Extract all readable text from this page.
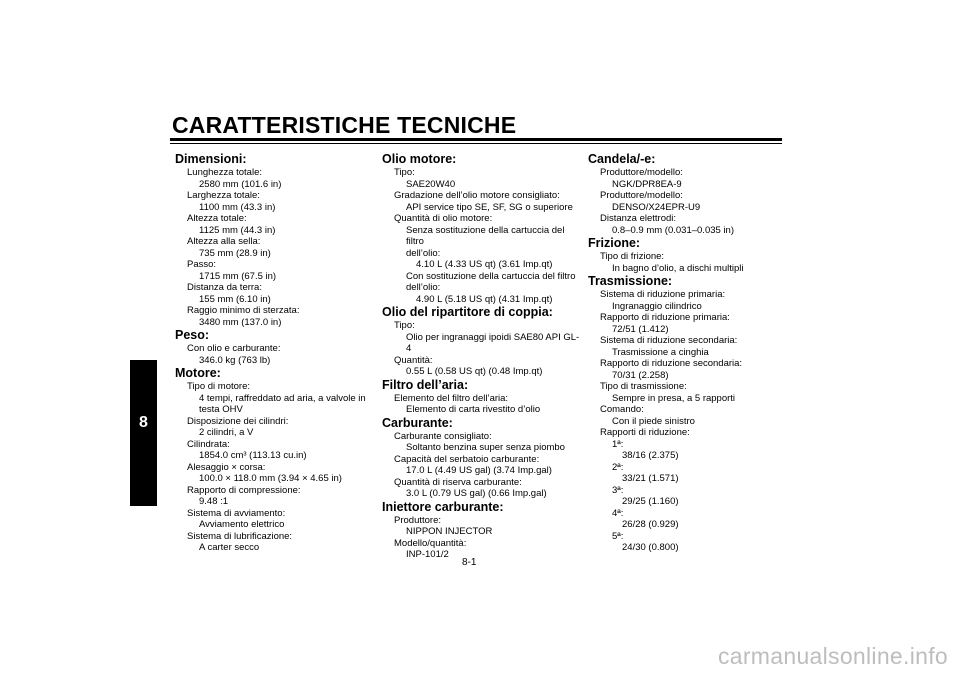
CARATTERISTICHE TECNICHE
8

Dimensioni:

Lunghezza totale:

2580 mm (101.6 in)

Larghezza totale:

1100 mm (43.3 in)

Altezza totale:

1125 mm (44.3 in)

Altezza alla sella:

735 mm (28.9 in)

Passo:

1715 mm (67.5 in)

Distanza da terra:

155 mm (6.10 in)

Raggio minimo di sterzata:

3480 mm (137.0 in)

Peso:

Con olio e carburante:

346.0 kg (763 lb)

Motore:

Tipo di motore:

4 tempi, raffreddato ad aria, a valvole in

testa OHV

Disposizione dei cilindri:

2 cilindri, a V

Cilindrata:

1854.0 cm³ (113.13 cu.in)

Alesaggio × corsa:

100.0 × 118.0 mm (3.94 × 4.65 in)

Rapporto di compressione:

9.48 :1

Sistema di avviamento:

Avviamento elettrico

Sistema di lubrificazione:

A carter secco

Olio motore:

Tipo:

SAE20W40

Gradazione dell’olio motore consigliato:

API service tipo SE, SF, SG o superiore

Quantità di olio motore:

Senza sostituzione della cartuccia del filtro

dell’olio:

4.10 L (4.33 US qt) (3.61 Imp.qt)

Con sostituzione della cartuccia del filtro

dell’olio:

4.90 L (5.18 US qt) (4.31 Imp.qt)

Olio del ripartitore di coppia:

Tipo:

Olio per ingranaggi ipoidi SAE80 API GL-4

Quantità:

0.55 L (0.58 US qt) (0.48 Imp.qt)

Filtro dell’aria:

Elemento del filtro dell’aria:

Elemento di carta rivestito d’olio

Carburante:

Carburante consigliato:

Soltanto benzina super senza piombo

Capacità del serbatoio carburante:

17.0 L (4.49 US gal) (3.74 Imp.gal)

Quantità di riserva carburante:

3.0 L (0.79 US gal) (0.66 Imp.gal)

Iniettore carburante:

Produttore:

NIPPON INJECTOR

Modello/quantità:

INP-101/2

Candela/-e:

Produttore/modello:

NGK/DPR8EA-9

Produttore/modello:

DENSO/X24EPR-U9

Distanza elettrodi:

0.8–0.9 mm (0.031–0.035 in)

Frizione:

Tipo di frizione:

In bagno d’olio, a dischi multipli

Trasmissione:

Sistema di riduzione primaria:

Ingranaggio cilindrico

Rapporto di riduzione primaria:

72/51 (1.412)

Sistema di riduzione secondaria:

Trasmissione a cinghia

Rapporto di riduzione secondaria:

70/31 (2.258)

Tipo di trasmissione:

Sempre in presa, a 5 rapporti

Comando:

Con il piede sinistro

Rapporti di riduzione:

1ª:

38/16 (2.375)

2ª:

33/21 (1.571)

3ª:

29/25 (1.160)

4ª:

26/28 (0.929)

5ª:

24/30 (0.800)

8-1
carmanualsonline.info
